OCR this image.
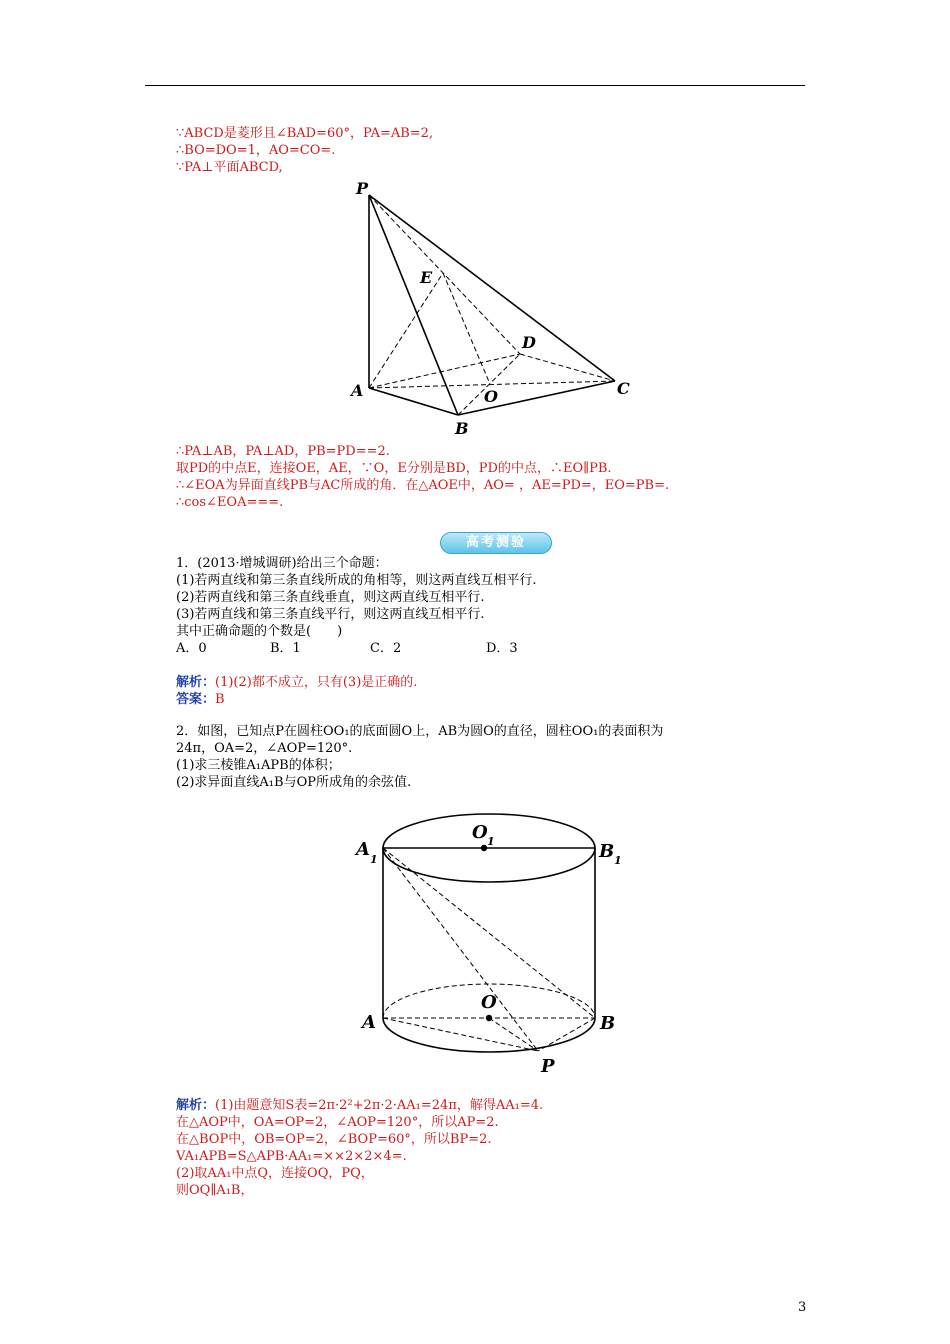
∵ABCD是菱形且∠BAD=60°，PA=AB=2,
∴BO=DO=1，AO=CO=.
∵PA⊥平面ABCD,
P
E
D
A	O	C
B
∴PA⊥AB，PA⊥AD，PB=PD==2.
取PD的中点E，连接OE，AE，∵O，E分别是BD，PD的中点，∴EO∥PB.
∴∠EOA为异面直线PB与AC所成的角．在△AOE中，AO= ，AE=PD=，EO=PB=.
∴cos∠EOA===.
高考测验
1．(2013·增城调研)给出三个命题：
(1)若两直线和第三条直线所成的角相等，则这两直线互相平行.
(2)若两直线和第三条直线垂直，则这两直线互相平行.
(3)若两直线和第三条直线平行，则这两直线互相平行.
其中正确命题的个数是(　　)
A．0	B．1	C．2	D．3
解析：(1)(2)都不成立，只有(3)是正确的.
答案：B
2．如图，已知点P在圆柱OO₁的底面圆O上，AB为圆O的直径，圆柱OO₁的表面积为
24π，OA=2，∠AOP=120°.
(1)求三棱锥A₁APB的体积；
(2)求异面直线A₁B与OP所成角的余弦值.
O 1
A 1	B 1
O
A	B
P
解析：(1)由题意知S表=2π·2²+2π·2·AA₁=24π，解得AA₁=4.
在△AOP中，OA=OP=2，∠AOP=120°，所以AP=2.
在△BOP中，OB=OP=2，∠BOP=60°，所以BP=2.
VA₁APB=S△APB·AA₁=××2×2×4=.
(2)取AA₁中点Q，连接OQ，PQ，
则OQ∥A₁B，
3
